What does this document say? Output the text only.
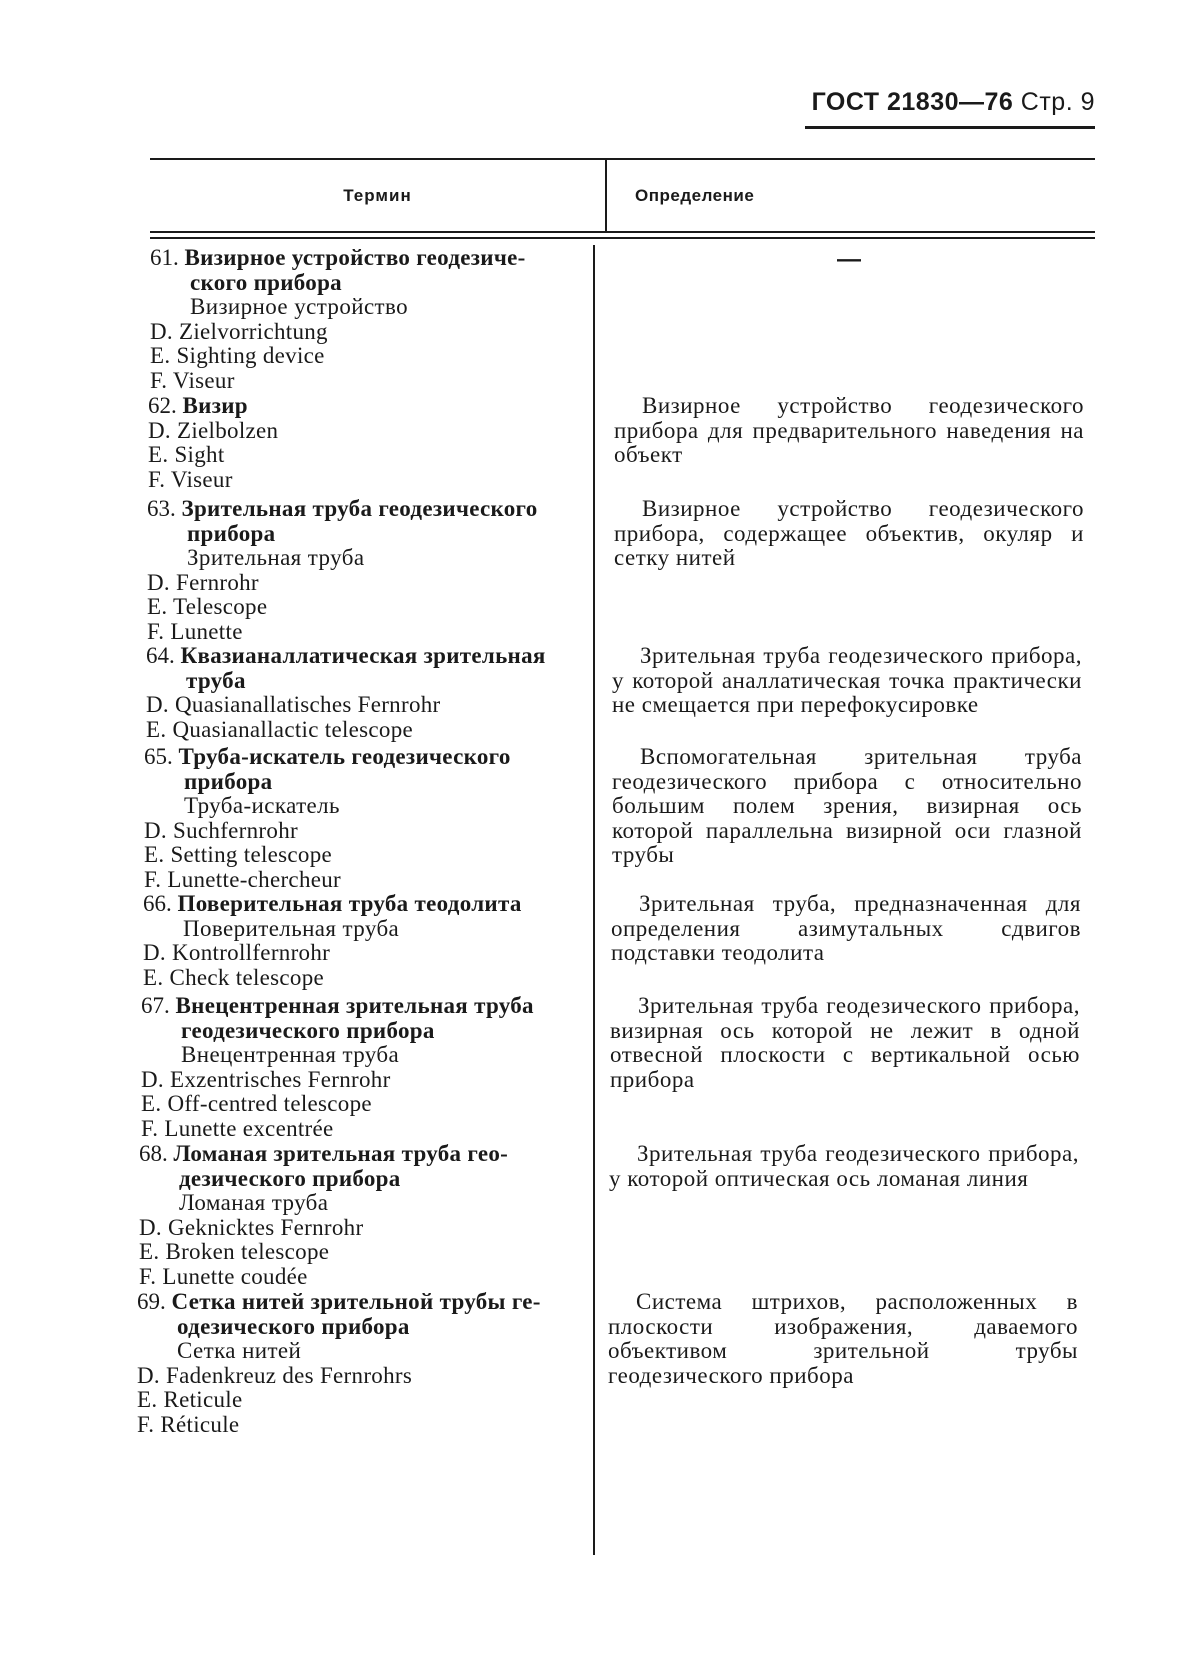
ГОСТ 21830—76 Стр. 9
Термин	Определение
61. Визирное устройство геодезиче-
ского прибора
Визирное устройство
D. Zielvorrichtung
E. Sighting device
F. Viseur
—
62. Визир
D. Zielbolzen
E. Sight
F. Viseur
Визирное устройство геодезического прибора для предварительного наведения на объект
63. Зрительная труба геодезического
прибора
Зрительная труба
D. Fernrohr
E. Telescope
F. Lunette
Визирное устройство геодезического прибора, содержащее объектив, окуляр и сетку нитей
64. Квазианаллатическая зрительная
труба
D. Quasianallatisches Fernrohr
E. Quasianallactic telescope
Зрительная труба геодезического прибора, у которой аналлатическая точка практически не смещается при перефокусировке
65. Труба-искатель геодезического
прибора
Труба-искатель
D. Suchfernrohr
E. Setting telescope
F. Lunette-chercheur
Вспомогательная зрительная труба геодезического прибора с относительно большим полем зрения, визирная ось которой параллельна визирной оси глазной трубы
66. Поверительная труба теодолита
Поверительная труба
D. Kontrollfernrohr
E. Check telescope
Зрительная труба, предназначенная для определения азимутальных сдвигов подставки теодолита
67. Внецентренная зрительная труба
геодезического прибора
Внецентренная труба
D. Exzentrisches Fernrohr
E. Off-centred telescope
F. Lunette excentrée
Зрительная труба геодезического прибора, визирная ось которой не лежит в одной отвесной плоскости с вертикальной осью прибора
68. Ломаная зрительная труба гео-
дезического прибора
Ломаная труба
D. Geknicktes Fernrohr
E. Broken telescope
F. Lunette coudée
Зрительная труба геодезического прибора, у которой оптическая ось ломаная линия
69. Сетка нитей зрительной трубы ге-
одезического прибора
Сетка нитей
D. Fadenkreuz des Fernrohrs
E. Reticule
F. Réticule
Система штрихов, расположенных в плоскости изображения, даваемого объективом зрительной трубы геодезического прибора
